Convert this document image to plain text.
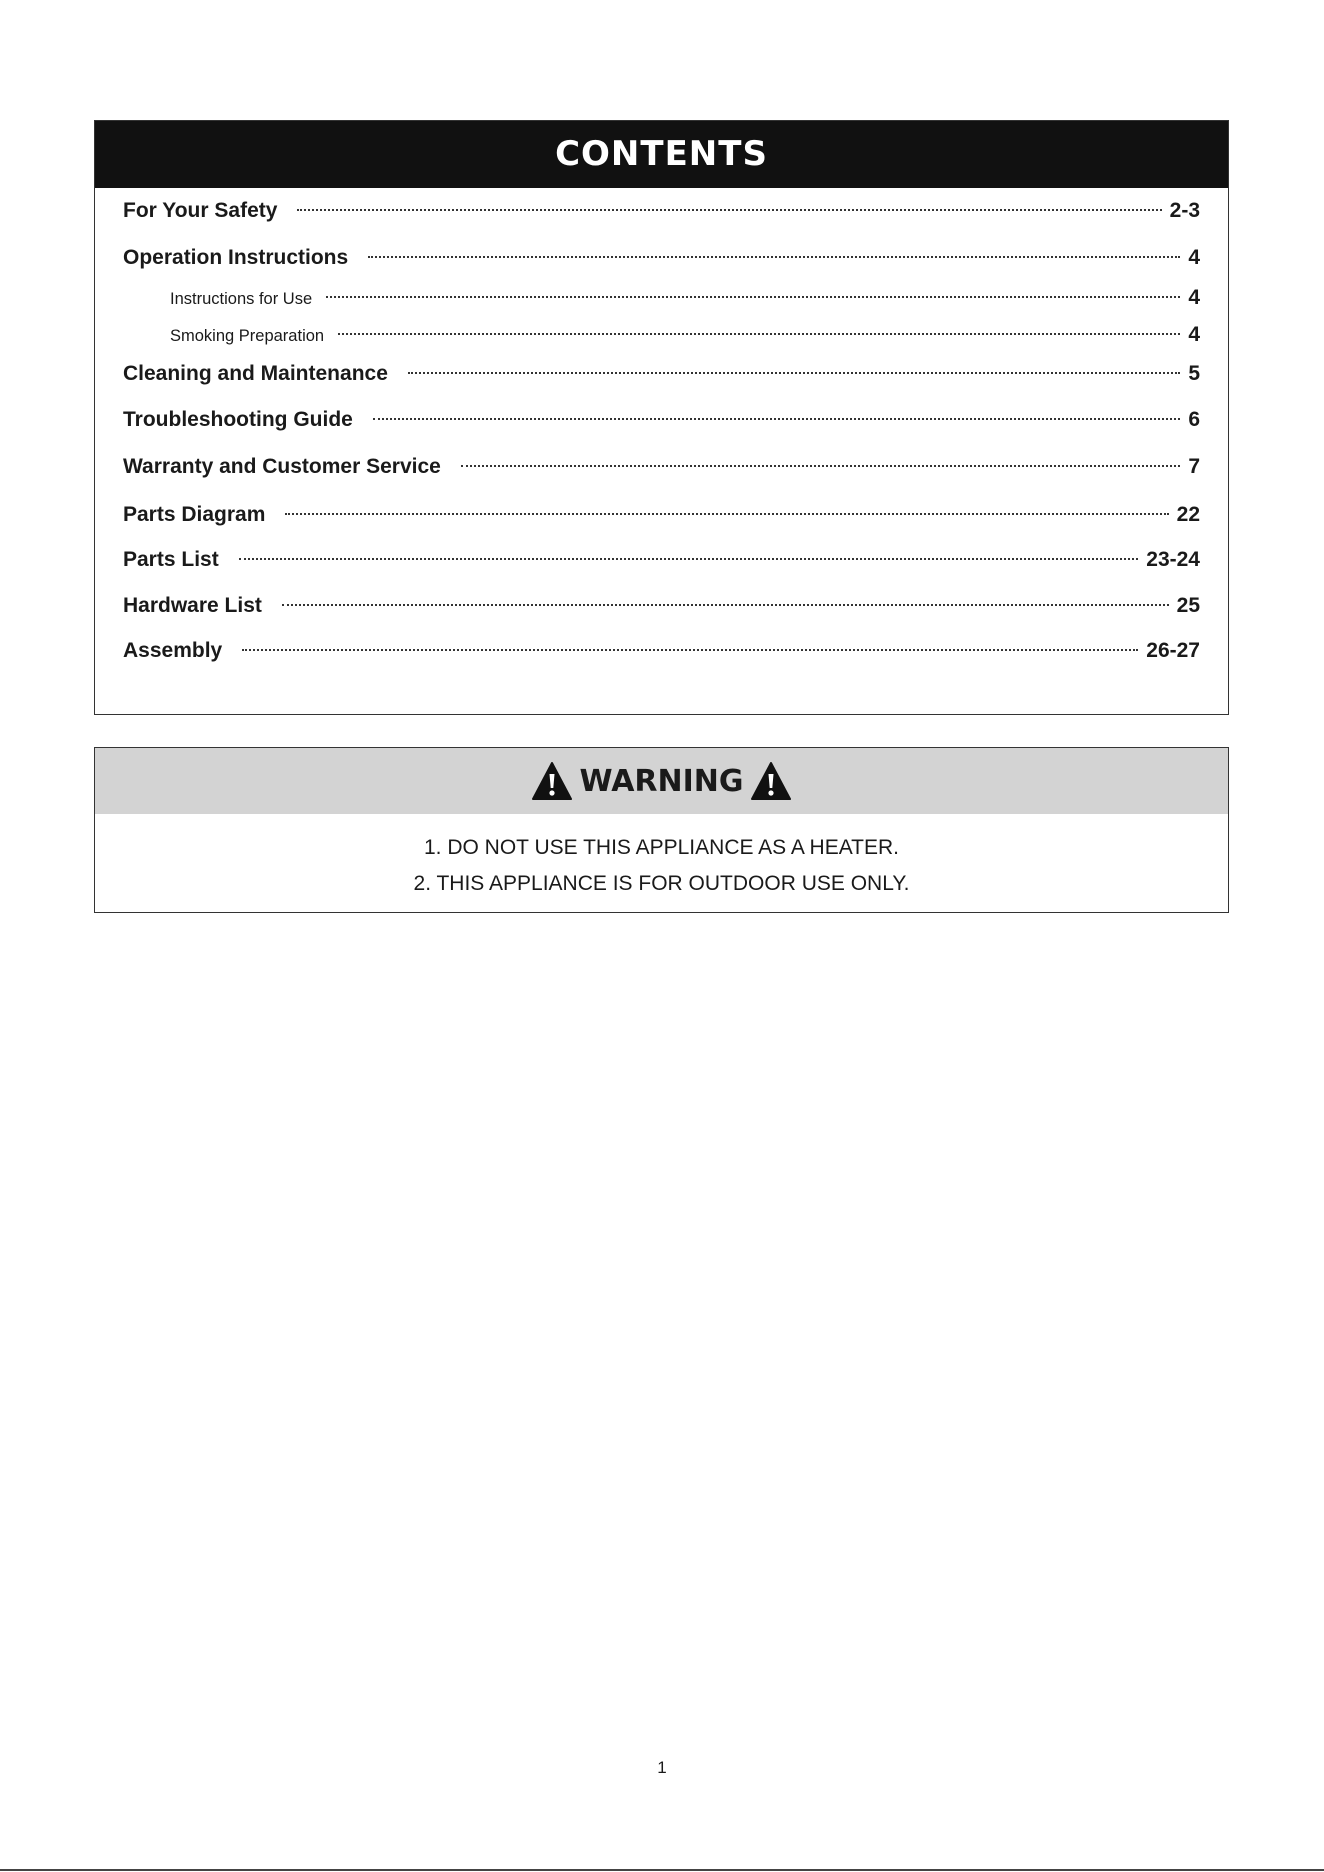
CONTENTS
For Your Safety	2-3
Operation Instructions	4
Instructions for Use	4
Smoking Preparation	4
Cleaning and Maintenance	5
Troubleshooting Guide	6
Warranty and Customer Service	7
Parts Diagram	22
Parts List	23-24
Hardware List	25
Assembly	26-27
WARNING
1. DO NOT USE THIS APPLIANCE AS A HEATER.
2. THIS APPLIANCE IS FOR OUTDOOR USE ONLY.
1
